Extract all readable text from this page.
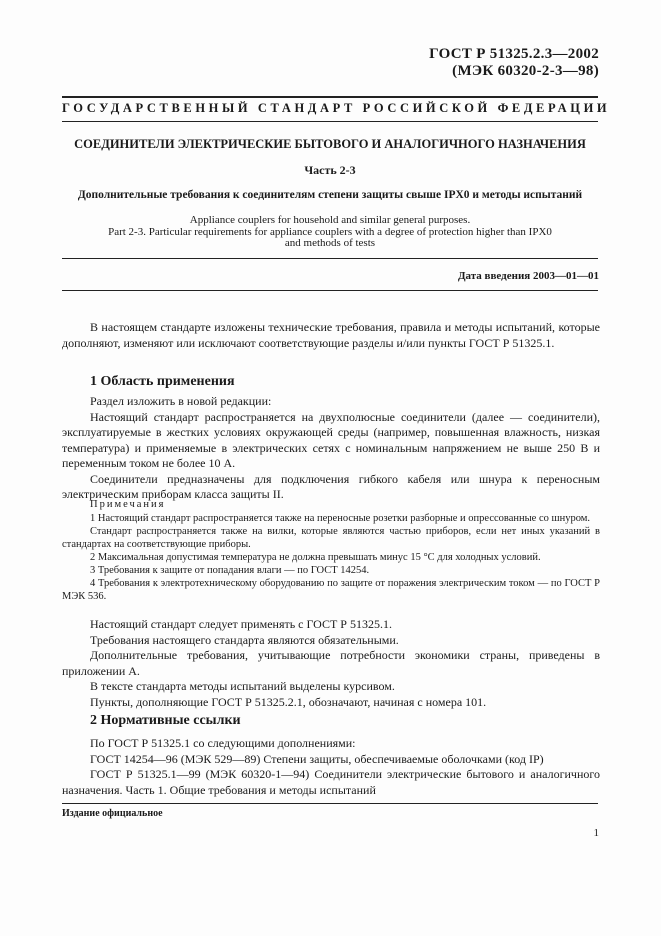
ГОСТ Р 51325.2.3—2002
(МЭК 60320-2-3—98)
ГОСУДАРСТВЕННЫЙ СТАНДАРТ РОССИЙСКОЙ ФЕДЕРАЦИИ
СОЕДИНИТЕЛИ ЭЛЕКТРИЧЕСКИЕ БЫТОВОГО И АНАЛОГИЧНОГО НАЗНАЧЕНИЯ
Часть 2-3
Дополнительные требования к соединителям степени защиты свыше IPX0 и методы испытаний
Appliance couplers for household and similar general purposes.
Part 2-3. Particular requirements for appliance couplers with a degree of protection higher than IPX0
and methods of tests
Дата введения 2003—01—01
В настоящем стандарте изложены технические требования, правила и методы испытаний, которые дополняют, изменяют или исключают соответствующие разделы и/или пункты ГОСТ Р 51325.1.
1 Область применения
Раздел изложить в новой редакции:
Настоящий стандарт распространяется на двухполюсные соединители (далее — соединители), эксплуатируемые в жестких условиях окружающей среды (например, повышенная влажность, низкая температура) и применяемые в электрических сетях с номинальным напряжением не выше 250 В и переменным током не более 10 А.
Соединители предназначены для подключения гибкого кабеля или шнура к переносным электрическим приборам класса защиты II.
Примечания
1 Настоящий стандарт распространяется также на переносные розетки разборные и опрессованные со шнуром.
Стандарт распространяется также на вилки, которые являются частью приборов, если нет иных указаний в стандартах на соответствующие приборы.
2 Максимальная допустимая температура не должна превышать минус 15 °С для холодных условий.
3 Требования к защите от попадания влаги — по ГОСТ 14254.
4 Требования к электротехническому оборудованию по защите от поражения электрическим током — по ГОСТ Р МЭК 536.
Настоящий стандарт следует применять с ГОСТ Р 51325.1.
Требования настоящего стандарта являются обязательными.
Дополнительные требования, учитывающие потребности экономики страны, приведены в приложении А.
В тексте стандарта методы испытаний выделены курсивом.
Пункты, дополняющие ГОСТ Р 51325.2.1, обозначают, начиная с номера 101.
2 Нормативные ссылки
По ГОСТ Р 51325.1 со следующими дополнениями:
ГОСТ 14254—96 (МЭК 529—89) Степени защиты, обеспечиваемые оболочками (код IP)
ГОСТ Р 51325.1—99 (МЭК 60320-1—94) Соединители электрические бытового и аналогичного назначения. Часть 1. Общие требования и методы испытаний
Издание официальное
1
